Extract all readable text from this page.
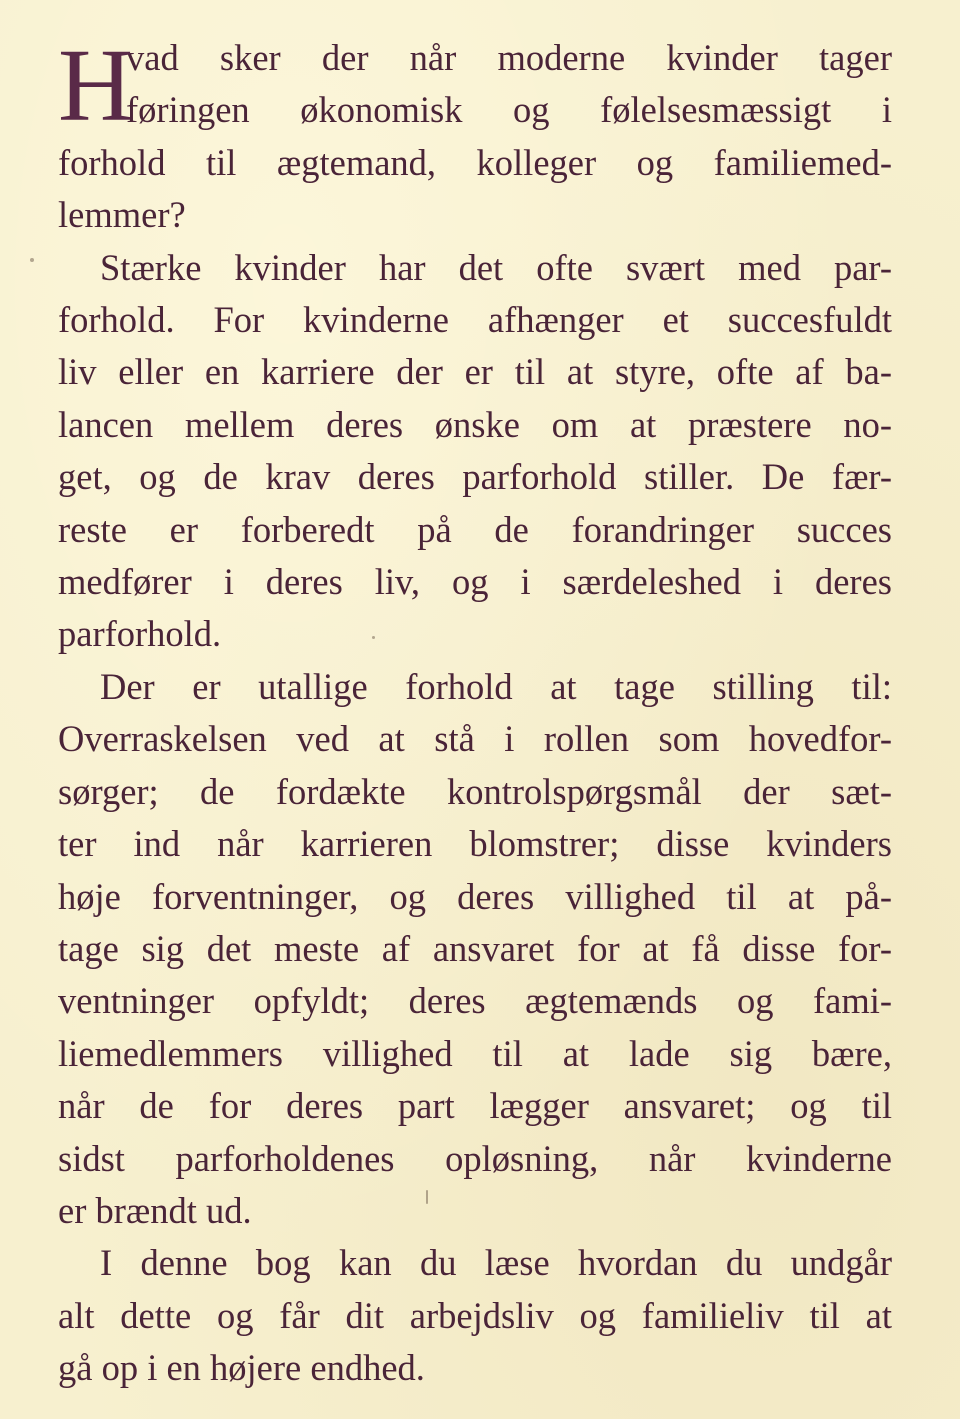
H
vad sker der når moderne kvinder tager
føringen økonomisk og følelsesmæssigt i
forhold til ægtemand, kolleger og familiemed-
lemmer?

Stærke kvinder har det ofte svært med par-
forhold. For kvinderne afhænger et succesfuldt
liv eller en karriere der er til at styre, ofte af ba-
lancen mellem deres ønske om at præstere no-
get, og de krav deres parforhold stiller. De fær-
reste er forberedt på de forandringer succes
medfører i deres liv, og i særdeleshed i deres
parforhold.

Der er utallige forhold at tage stilling til:
Overraskelsen ved at stå i rollen som hovedfor-
sørger; de fordækte kontrolspørgsmål der sæt-
ter ind når karrieren blomstrer; disse kvinders
høje forventninger, og deres villighed til at på-
tage sig det meste af ansvaret for at få disse for-
ventninger opfyldt; deres ægtemænds og fami-
liemedlemmers villighed til at lade sig bære,
når de for deres part lægger ansvaret; og til
sidst parforholdenes opløsning, når kvinderne
er brændt ud.

I denne bog kan du læse hvordan du undgår
alt dette og får dit arbejdsliv og familieliv til at
gå op i en højere endhed.
